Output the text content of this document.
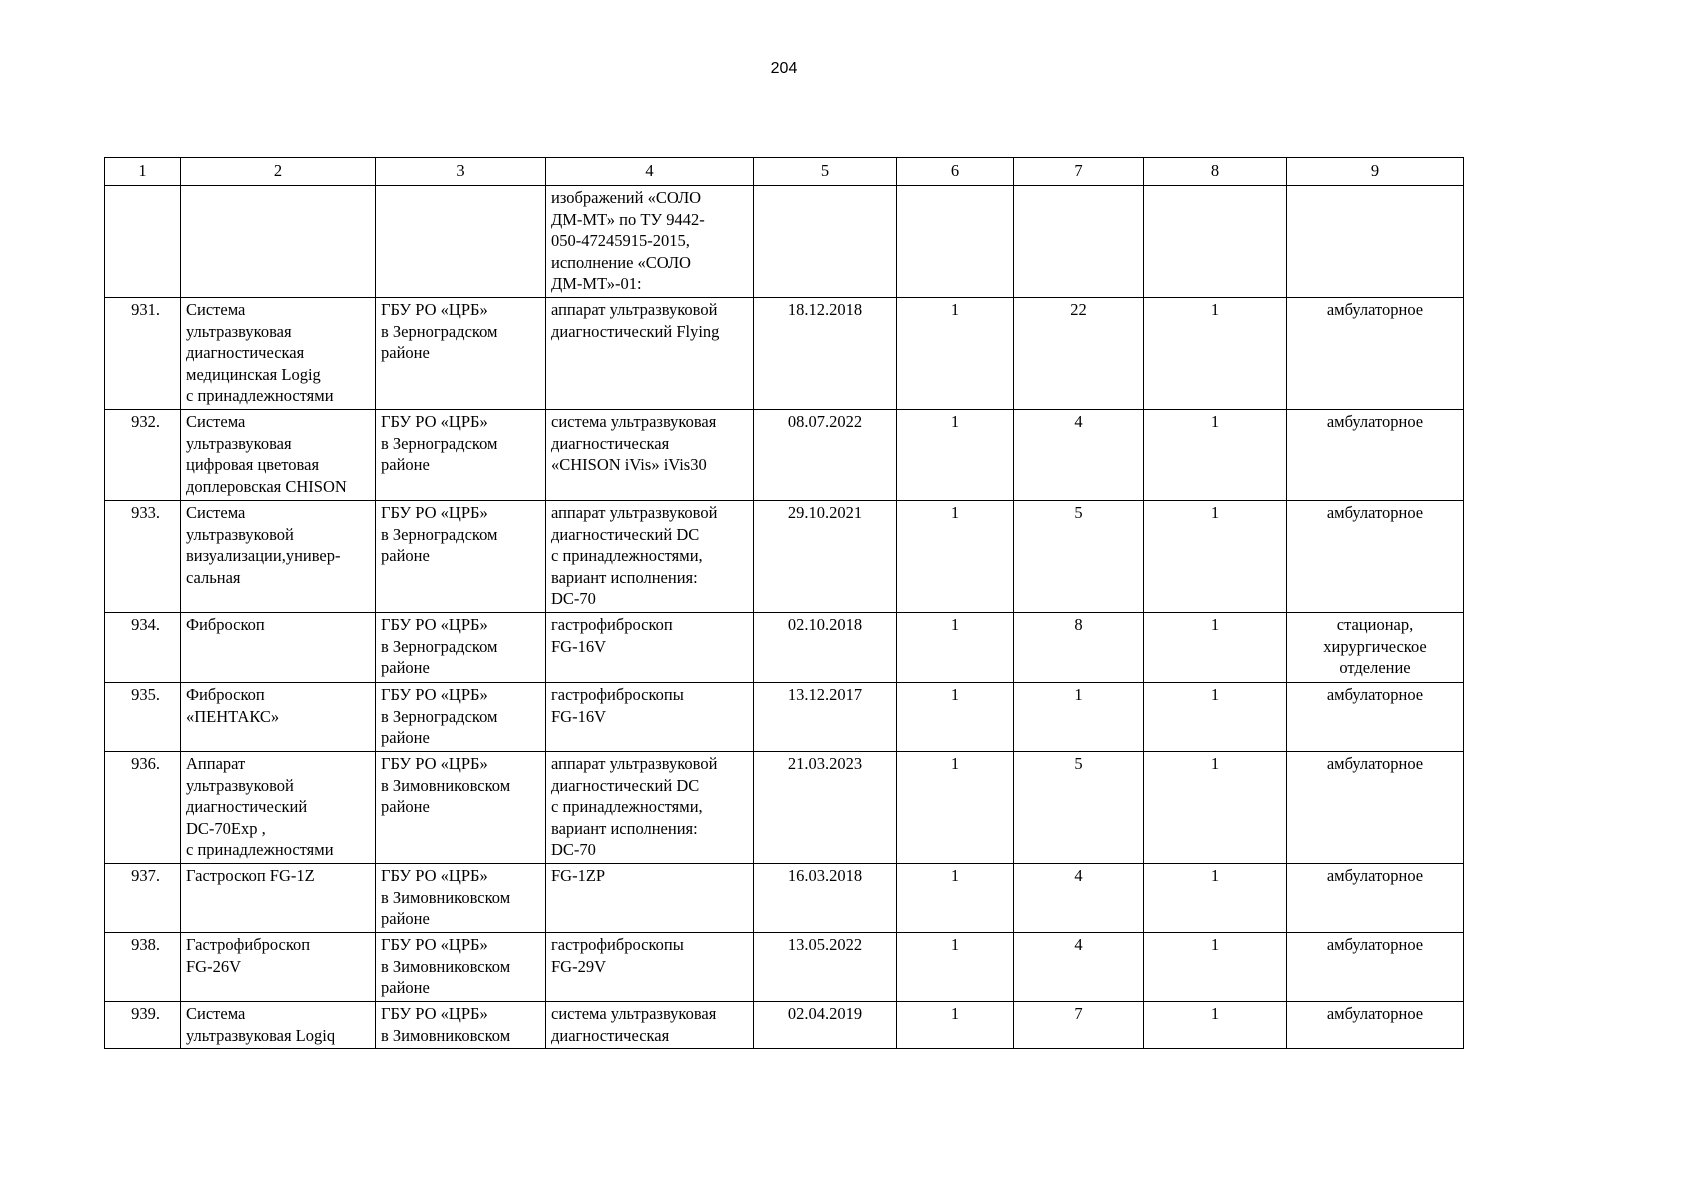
204
1	2	3	4	5	6	7	8	9
			изображений «СОЛО
ДМ-МТ» по ТУ 9442-
050-47245915-2015,
исполнение «СОЛО
ДМ-МТ»-01:					
931.	Система
ультразвуковая
диагностическая
медицинская Logig
с принадлежностями	ГБУ РО «ЦРБ»
в Зерноградском
районе	аппарат ультразвуковой
диагностический Flying	18.12.2018	1	22	1	амбулаторное
932.	Система
ультразвуковая
цифровая цветовая
доплеровская CHISON	ГБУ РО «ЦРБ»
в Зерноградском
районе	система ультразвуковая
диагностическая
«CHISON iVis» iVis30	08.07.2022	1	4	1	амбулаторное
933.	Система
ультразвуковой
визуализации,универ-
сальная	ГБУ РО «ЦРБ»
в Зерноградском
районе	аппарат ультразвуковой
диагностический DC
с принадлежностями,
вариант исполнения:
DC-70	29.10.2021	1	5	1	амбулаторное
934.	Фиброскоп	ГБУ РО «ЦРБ»
в Зерноградском
районе	гастрофиброскоп
FG-16V	02.10.2018	1	8	1	стационар,
хирургическое
отделение
935.	Фиброскоп
«ПЕНТАКС»	ГБУ РО «ЦРБ»
в Зерноградском
районе	гастрофиброскопы
FG-16V	13.12.2017	1	1	1	амбулаторное
936.	Аппарат
ультразвуковой
диагностический
DC-70Exp ,
с принадлежностями	ГБУ РО «ЦРБ»
в Зимовниковском
районе	аппарат ультразвуковой
диагностический DC
с принадлежностями,
вариант исполнения:
DC-70	21.03.2023	1	5	1	амбулаторное
937.	Гастроскоп FG-1Z	ГБУ РО «ЦРБ»
в Зимовниковском
районе	FG-1ZP	16.03.2018	1	4	1	амбулаторное
938.	Гастрофиброскоп
FG-26V	ГБУ РО «ЦРБ»
в Зимовниковском
районе	гастрофиброскопы
FG-29V	13.05.2022	1	4	1	амбулаторное
939.	Система
ультразвуковая Logiq	ГБУ РО «ЦРБ»
в Зимовниковском	система ультразвуковая
диагностическая	02.04.2019	1	7	1	амбулаторное
